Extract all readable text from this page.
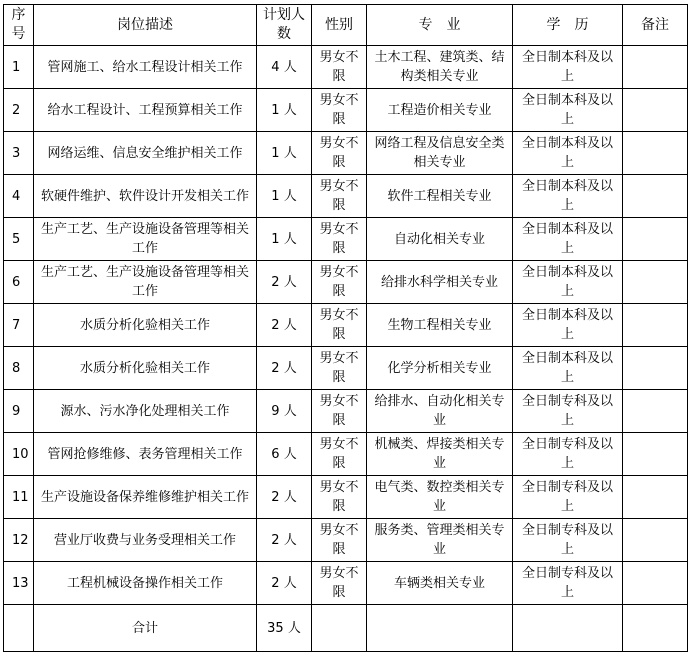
序号	岗位描述	计划人数	性别	专　业	学　历	备注
1	管网施工、给水工程设计相关工作	4 人	男女不限	土木工程、建筑类、结构类相关专业	全日制本科及以上	
2	给水工程设计、工程预算相关工作	1 人	男女不限	工程造价相关专业	全日制本科及以上	
3	网络运维、信息安全维护相关工作	1 人	男女不限	网络工程及信息安全类相关专业	全日制本科及以上	
4	软硬件维护、软件设计开发相关工作	1 人	男女不限	软件工程相关专业	全日制本科及以上	
5	生产工艺、生产设施设备管理等相关工作	1 人	男女不限	自动化相关专业	全日制本科及以上	
6	生产工艺、生产设施设备管理等相关工作	2 人	男女不限	给排水科学相关专业	全日制本科及以上	
7	水质分析化验相关工作	2 人	男女不限	生物工程相关专业	全日制本科及以上	
8	水质分析化验相关工作	2 人	男女不限	化学分析相关专业	全日制本科及以上	
9	源水、污水净化处理相关工作	9 人	男女不限	给排水、自动化相关专业	全日制专科及以上	
10	管网抢修维修、表务管理相关工作	6 人	男女不限	机械类、焊接类相关专业	全日制专科及以上	
11	生产设施设备保养维修维护相关工作	2 人	男女不限	电气类、数控类相关专业	全日制专科及以上	
12	营业厅收费与业务受理相关工作	2 人	男女不限	服务类、管理类相关专业	全日制专科及以上	
13	工程机械设备操作相关工作	2 人	男女不限	车辆类相关专业	全日制专科及以上	
	合计	35 人				
